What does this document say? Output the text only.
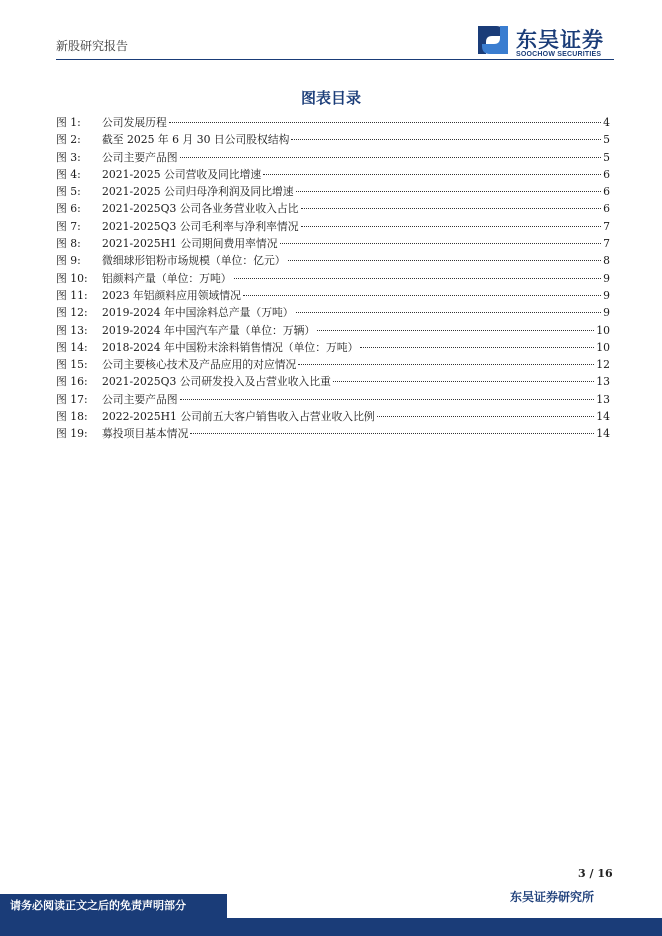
新股研究报告	东吴证券
SOOCHOW SECURITIES
图表目录
图 1:	公司发展历程	4
图 2:	截至 2025 年 6 月 30 日公司股权结构	5
图 3:	公司主要产品图	5
图 4:	2021-2025 公司营收及同比增速	6
图 5:	2021-2025 公司归母净利润及同比增速	6
图 6:	2021-2025Q3 公司各业务营业收入占比	6
图 7:	2021-2025Q3 公司毛利率与净利率情况	7
图 8:	2021-2025H1 公司期间费用率情况	7
图 9:	微细球形铝粉市场规模（单位：亿元）	8
图 10:	铝颜料产量（单位：万吨）	9
图 11:	2023 年铝颜料应用领域情况	9
图 12:	2019-2024 年中国涂料总产量（万吨）	9
图 13:	2019-2024 年中国汽车产量（单位：万辆）	10
图 14:	2018-2024 年中国粉末涂料销售情况（单位：万吨）	10
图 15:	公司主要核心技术及产品应用的对应情况	12
图 16:	2021-2025Q3 公司研发投入及占营业收入比重	13
图 17:	公司主要产品图	13
图 18:	2022-2025H1 公司前五大客户销售收入占营业收入比例	14
图 19:	募投项目基本情况	14
3 / 16
请务必阅读正文之后的免责声明部分
东吴证券研究所
